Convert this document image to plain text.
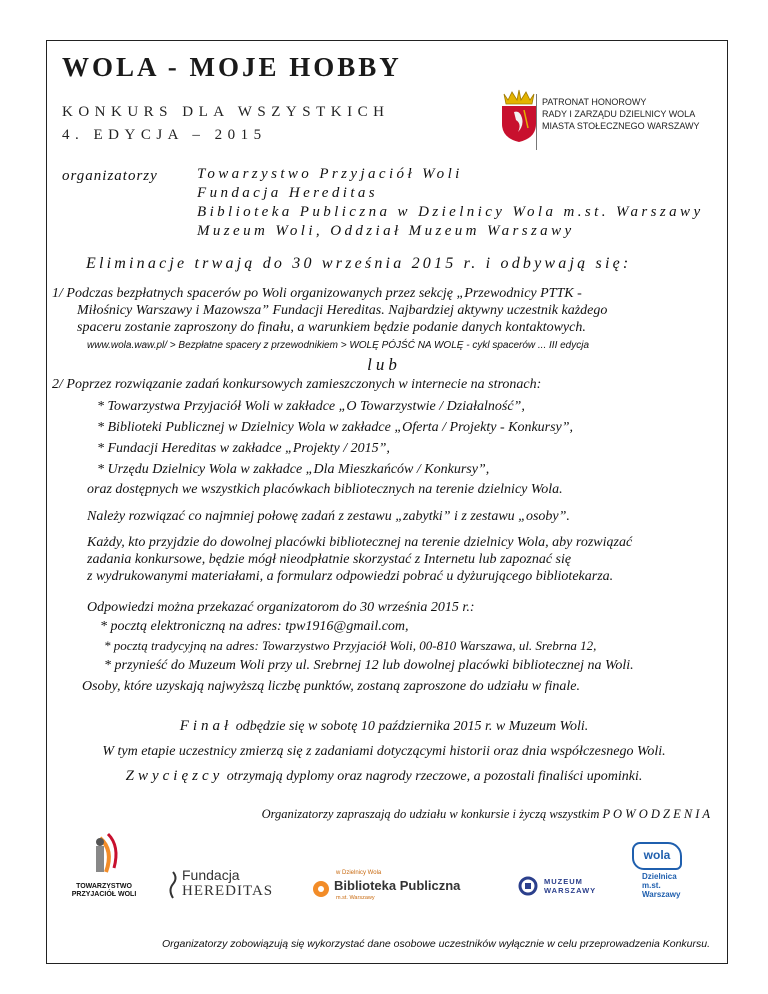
WOLA - MOJE HOBBY
KONKURS DLA WSZYSTKICH
4. EDYCJA – 2015
PATRONAT HONOROWY
RADY I ZARZĄDU DZIELNICY WOLA
MIASTA STOŁECZNEGO WARSZAWY
organizatorzy	Towarzystwo Przyjaciół Woli
Fundacja Hereditas
Biblioteka Publiczna w Dzielnicy Wola m.st. Warszawy
Muzeum Woli, Oddział Muzeum Warszawy
Eliminacje trwają do 30 września 2015 r. i odbywają się:
1/ Podczas bezpłatnych spacerów po Woli organizowanych przez sekcję „Przewodnicy PTTK -
Miłośnicy Warszawy i Mazowsza” Fundacji Hereditas. Najbardziej aktywny uczestnik każdego
spaceru zostanie zaproszony do finału, a warunkiem będzie podanie danych kontaktowych.
www.wola.waw.pl/ > Bezpłatne spacery z przewodnikiem > WOLĘ PÓJŚĆ NA WOLĘ - cykl spacerów ... III edycja
lub
2/ Poprzez rozwiązanie zadań konkursowych zamieszczonych w internecie na stronach:
* Towarzystwa Przyjaciół Woli w zakładce „O Towarzystwie / Działalność”,
* Biblioteki Publicznej w Dzielnicy Wola w zakładce „Oferta / Projekty - Konkursy”,
* Fundacji Hereditas w zakładce „Projekty / 2015”,
* Urzędu Dzielnicy Wola w zakładce „Dla Mieszkańców / Konkursy”,
oraz dostępnych we wszystkich placówkach bibliotecznych na terenie dzielnicy Wola.
Należy rozwiązać co najmniej połowę zadań z zestawu „zabytki” i z zestawu „osoby”.
Każdy, kto przyjdzie do dowolnej placówki bibliotecznej na terenie dzielnicy Wola, aby rozwiązać
zadania konkursowe, będzie mógł nieodpłatnie skorzystać z Internetu lub zapoznać się
z wydrukowanymi materiałami, a formularz odpowiedzi pobrać u dyżurującego bibliotekarza.
Odpowiedzi można przekazać organizatorom do 30 września 2015 r.:
* pocztą elektroniczną na adres: tpw1916@gmail.com,
* pocztą tradycyjną na adres: Towarzystwo Przyjaciół Woli, 00-810 Warszawa, ul. Srebrna 12,
* przynieść do Muzeum Woli przy ul. Srebrnej 12 lub dowolnej placówki bibliotecznej na Woli.
Osoby, które uzyskają najwyższą liczbę punktów, zostaną zaproszone do udziału w finale.
Finał odbędzie się w sobotę 10 października 2015 r. w Muzeum Woli.
W tym etapie uczestnicy zmierzą się z zadaniami dotyczącymi historii oraz dnia współczesnego Woli.
Zwycięzcy otrzymają dyplomy oraz nagrody rzeczowe, a pozostali finaliści upominki.
Organizatorzy zapraszają do udziału w konkursie i życzą wszystkim P O W O D Z E N I A
TOWARZYSTWO
PRZYJACIÓŁ WOLI
Fundacja
HEREDITAS
w Dzielnicy Wola
Biblioteka Publiczna
m.st. Warszawy
MUZEUM
WARSZAWY
wola
Dzielnica
m.st.
Warszawy
Organizatorzy zobowiązują się wykorzystać dane osobowe uczestników wyłącznie w celu przeprowadzenia Konkursu.
